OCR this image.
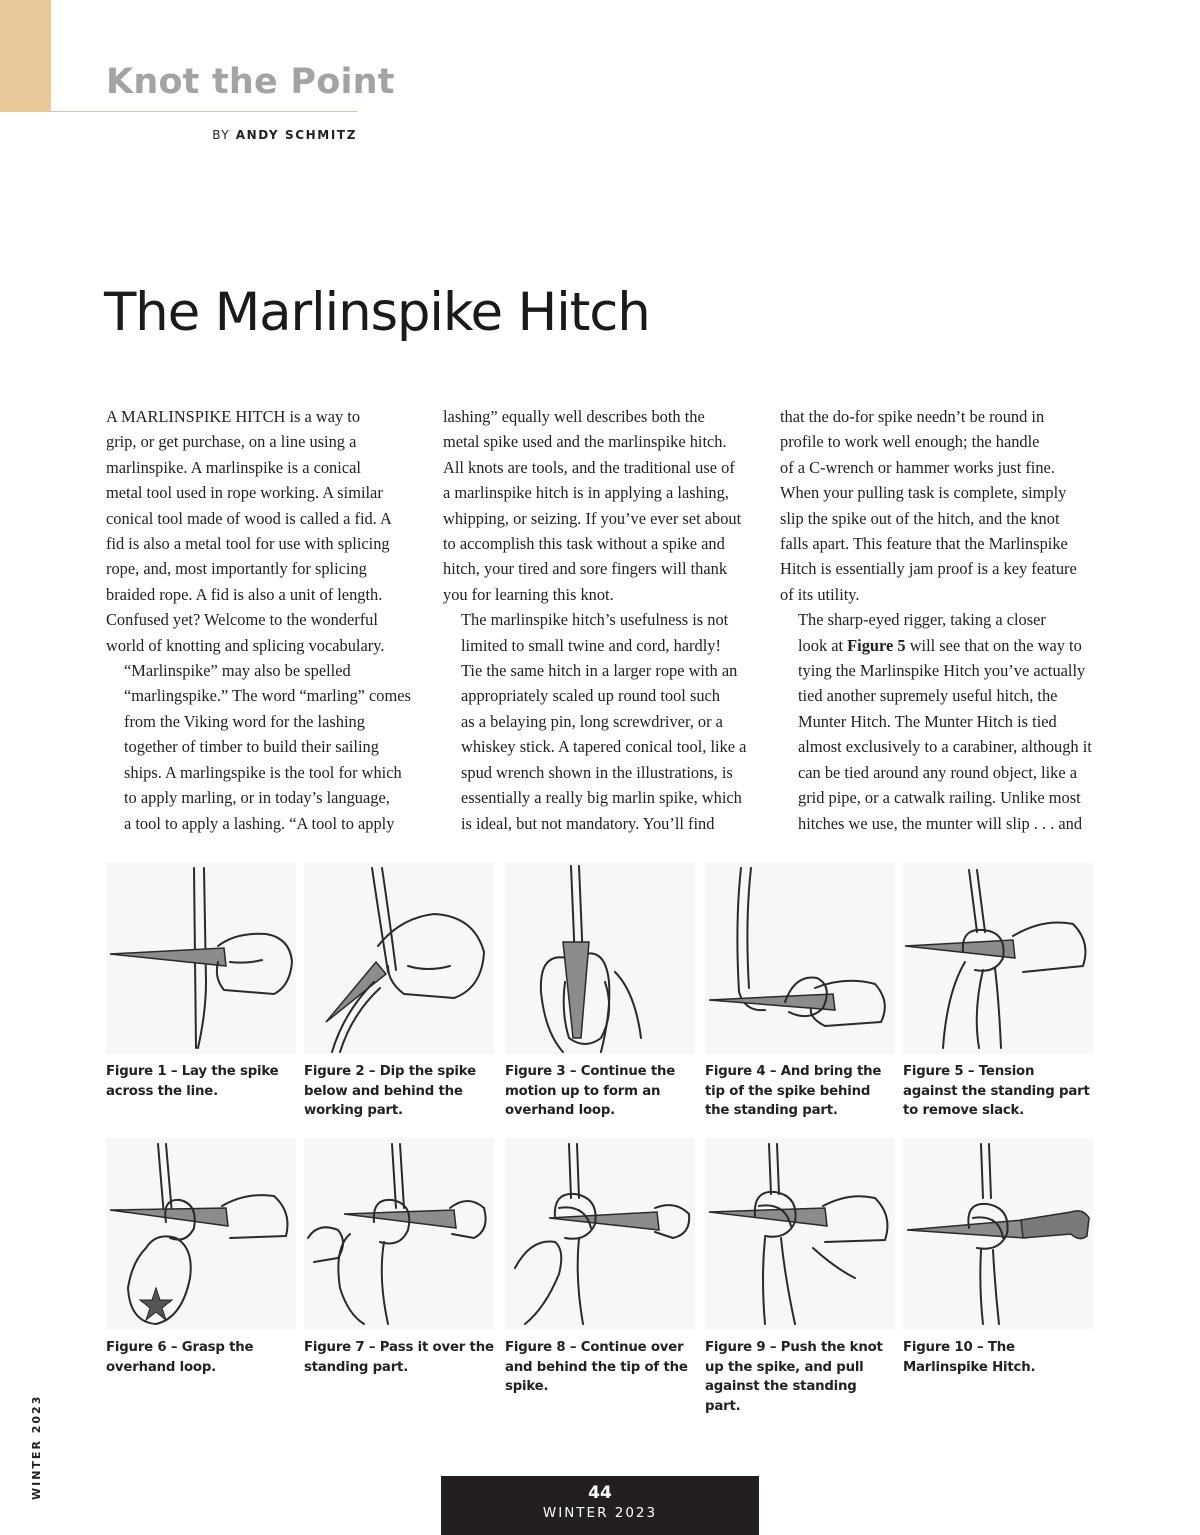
Knot the Point
BY ANDY SCHMITZ
The Marlinspike Hitch

A MARLINSPIKE HITCH is a way to
grip, or get purchase, on a line using a
marlinspike. A marlinspike is a conical
metal tool used in rope working. A similar
conical tool made of wood is called a fid. A
fid is also a metal tool for use with splicing
rope, and, most importantly for splicing
braided rope. A fid is also a unit of length.
Confused yet? Welcome to the wonderful
world of knotting and splicing vocabulary.

“Marlinspike” may also be spelled
“marlingspike.” The word “marling” comes
from the Viking word for the lashing
together of timber to build their sailing
ships. A marlingspike is the tool for which
to apply marling, or in today’s language,
a tool to apply a lashing. “A tool to apply

lashing” equally well describes both the
metal spike used and the marlinspike hitch.
All knots are tools, and the traditional use of
a marlinspike hitch is in applying a lashing,
whipping, or seizing. If you’ve ever set about
to accomplish this task without a spike and
hitch, your tired and sore fingers will thank
you for learning this knot.

The marlinspike hitch’s usefulness is not
limited to small twine and cord, hardly!
Tie the same hitch in a larger rope with an
appropriately scaled up round tool such
as a belaying pin, long screwdriver, or a
whiskey stick. A tapered conical tool, like a
spud wrench shown in the illustrations, is
essentially a really big marlin spike, which
is ideal, but not mandatory. You’ll find

that the do-for spike needn’t be round in
profile to work well enough; the handle
of a C-wrench or hammer works just fine.
When your pulling task is complete, simply
slip the spike out of the hitch, and the knot
falls apart. This feature that the Marlinspike
Hitch is essentially jam proof is a key feature
of its utility.

The sharp-eyed rigger, taking a closer
look at Figure 5 will see that on the way to
tying the Marlinspike Hitch you’ve actually
tied another supremely useful hitch, the
Munter Hitch. The Munter Hitch is tied
almost exclusively to a carabiner, although it
can be tied around any round object, like a
grid pipe, or a catwalk railing. Unlike most
hitches we use, the munter will slip . . . and

Figure 1 – Lay the spike across the line.
Figure 2 – Dip the spike below and behind the working part.
Figure 3 – Continue the motion up to form an overhand loop.
Figure 4 – And bring the tip of the spike behind the standing part.
Figure 5 – Tension against the standing part to remove slack.
Figure 6 – Grasp the overhand loop.
Figure 7 – Pass it over the standing part.
Figure 8 – Continue over and behind the tip of the spike.
Figure 9 – Push the knot up the spike, and pull against the standing part.
Figure 10 – The Marlinspike Hitch.
WINTER 2023	44
WINTER 2023
